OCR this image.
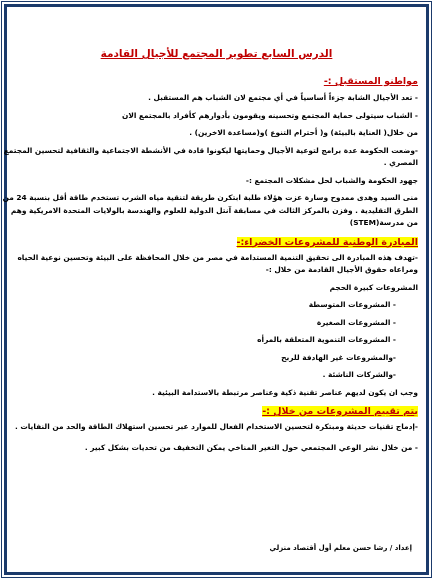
الدرس السابع تطوير المجتمع للأجيال القادمة
مواطنو المستقبل :-

- تعد الأجيال الشابة جزءاً أساسياً في أي مجتمع لان الشباب هم المستقبل .

- الشباب سيتولى حماية المجتمع وتحسينه ويقومون بأدوارهم كأفراد بالمجتمع الان

من خلال( العناية بالبيئة) و( أحترام التنوع )و(مساعدة الاخرين) .

-وضعت الحكومة عدة برامج لتوعية الأجيال وحمايتها ليكونوا قادة في الأنشطة الاجتماعية والثقافية لتحسين المجتمع

المصري .

جهود الحكومة والشباب لحل مشكلات المجتمع :-

منى السيد وهدى ممدوح وسارة عزت هؤلاء طلبة ابتكرن طريقة لتنقية مياه الشرب تستخدم طاقة أقل بنسبة 24 من

الطرق التقليدية . وفزن بالمركز الثالث في مسابقة آنتل الدولية للعلوم والهندسة بالولايات المتحدة الامريكية وهم

من مدرسة(STEM)

المبادرة الوطنية للمشروعات الخضراء:-

-تهدف هذه المبادرة الى تحقيق التنمية المستدامة في مصر من خلال المحافظة على البيئة وتحسين نوعية الحياه

ومراعاه حقوق الأجيال القادمة من خلال :-

المشروعات كبيرة الحجم

- المشروعات المتوسطة

- المشروعات الصغيرة

- المشروعات التنموية المتعلقة بالمرأه

-والمشروعات غير الهادفة للربح

-والشركات الناشئة .

وجب ان يكون لديهم عناصر تقنية ذكية وعناصر مرتبطة بالاستدامة البيئية .

يتم تقييم المشروعات من خلال :-

-إدماج تقنيات حديثة ومبتكرة لتحسين الاستخدام الفعال للموارد عبر تحسين استهلاك الطاقة والحد من النفايات .

- من خلال نشر الوعي المجتمعي حول التغير المناخي يمكن التخفيف من تحديات بشكل كبير .

إعداد / رشا حسن معلم أول أقتصاد منزلي
